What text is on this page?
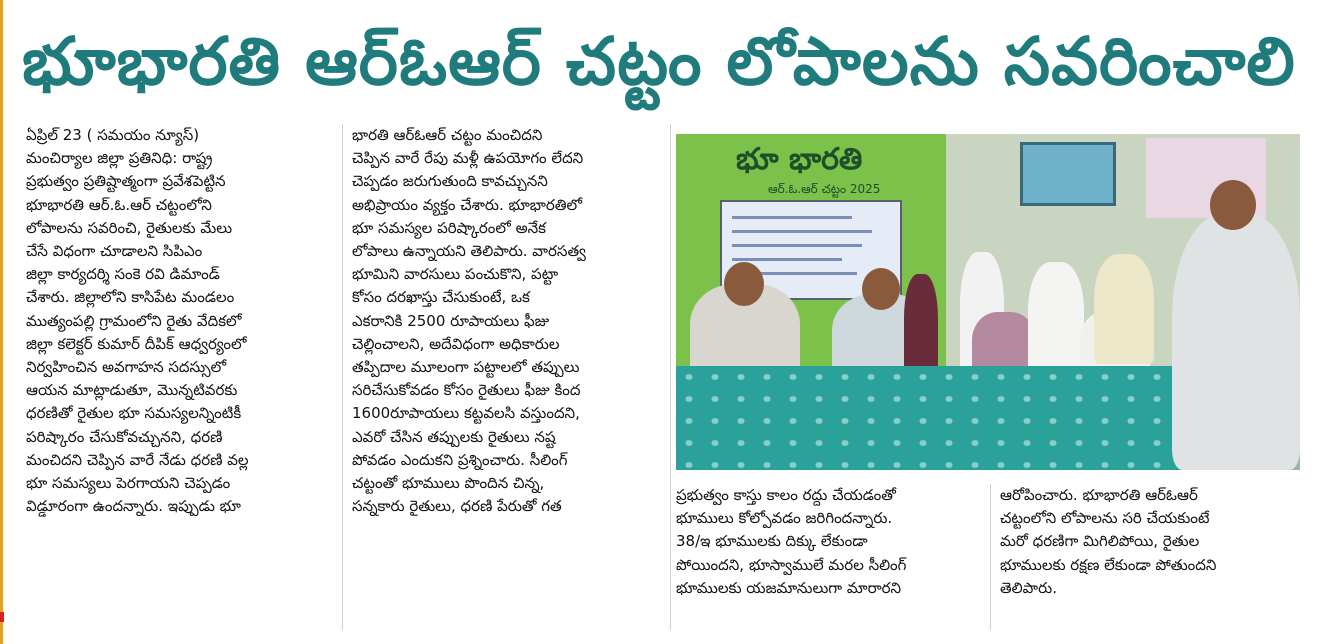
భూభారతి ఆర్‌ఓఆర్ చట్టం లోపాలను సవరించాలి

ఏప్రిల్ 23 ( సమయం న్యూస్)

మంచిర్యాల జిల్లా ప్రతినిధి: రాష్ట్ర

ప్రభుత్వం ప్రతిష్టాత్మంగా ప్రవేశపెట్టిన

భూభారతి ఆర్.ఓ.ఆర్ చట్టంలోని

లోపాలను సవరించి, రైతులకు మేలు

చేసే విధంగా చూడాలని సిపిఎం

జిల్లా కార్యదర్శి సంకె రవి డిమాండ్

చేశారు. జిల్లాలోని కాసిపేట మండలం

ముత్యంపల్లి గ్రామంలోని రైతు వేదికలో

జిల్లా కలెక్టర్ కుమార్ దీపిక్ ఆధ్వర్యంలో

నిర్వహించిన అవగాహన సదస్సులో

ఆయన మాట్లాడుతూ, మొన్నటివరకు

ధరణితో రైతుల భూ సమస్యలన్నింటికీ

పరిష్కారం చేసుకోవచ్చునని, ధరణి

మంచిదని చెప్పిన వారే నేడు ధరణి వల్ల

భూ సమస్యలు పెరగాయని చెప్పడం

విడ్డూరంగా ఉందన్నారు. ఇప్పుడు భూ

భారతి ఆర్‌ఓఆర్ చట్టం మంచిదని

చెప్పిన వారే రేపు మళ్లీ ఉపయోగం లేదని

చెప్పడం జరుగుతుంది కావచ్చునని

అభిప్రాయం వ్యక్తం చేశారు. భూభారతిలో

భూ సమస్యల పరిష్కారంలో అనేక

లోపాలు ఉన్నాయని తెలిపారు. వారసత్వ

భూమిని వారసులు పంచుకొని, పట్టా

కోసం దరఖాస్తు చేసుకుంటే, ఒక

ఎకరానికి 2500 రూపాయలు ఫీజు

చెల్లించాలని, అదేవిధంగా అధికారుల

తప్పిదాల మూలంగా పట్టాలలో తప్పులు

సరిచేసుకోవడం కోసం రైతులు ఫీజు కింద

1600రూపాయలు కట్టవలసి వస్తుందని,

ఎవరో చేసిన తప్పులకు రైతులు నష్ట

పోవడం ఎందుకని ప్రశ్నించారు. సీలింగ్

చట్టంతో భూములు పొందిన చిన్న,

సన్నకారు రైతులు, ధరణి పేరుతో గత

ప్రభుత్వం కాస్తు కాలం రద్దు చేయడంతో

భూములు కోల్పోవడం జరిగిందన్నారు.

38/ఇ భూములకు దిక్కు లేకుండా

పోయిందని, భూస్వాములే మరల సీలింగ్

భూములకు యజమానులుగా మారారని

ఆరోపించారు. భూభారతి ఆర్‌ఓఆర్

చట్టంలోని లోపాలను సరి చేయకుంటే

మరో ధరణిగా మిగిలిపోయి, రైతుల

భూములకు రక్షణ లేకుండా పోతుందని

తెలిపారు.

భూ భారతి
ఆర్.ఓ.ఆర్ చట్టం 2025
